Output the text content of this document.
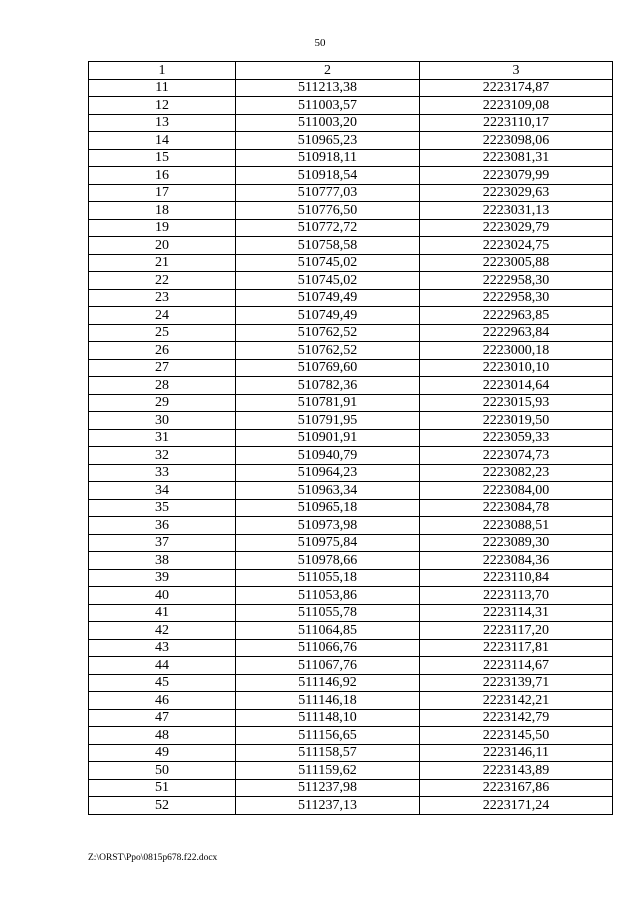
50
1	2	3
11	511213,38	2223174,87
12	511003,57	2223109,08
13	511003,20	2223110,17
14	510965,23	2223098,06
15	510918,11	2223081,31
16	510918,54	2223079,99
17	510777,03	2223029,63
18	510776,50	2223031,13
19	510772,72	2223029,79
20	510758,58	2223024,75
21	510745,02	2223005,88
22	510745,02	2222958,30
23	510749,49	2222958,30
24	510749,49	2222963,85
25	510762,52	2222963,84
26	510762,52	2223000,18
27	510769,60	2223010,10
28	510782,36	2223014,64
29	510781,91	2223015,93
30	510791,95	2223019,50
31	510901,91	2223059,33
32	510940,79	2223074,73
33	510964,23	2223082,23
34	510963,34	2223084,00
35	510965,18	2223084,78
36	510973,98	2223088,51
37	510975,84	2223089,30
38	510978,66	2223084,36
39	511055,18	2223110,84
40	511053,86	2223113,70
41	511055,78	2223114,31
42	511064,85	2223117,20
43	511066,76	2223117,81
44	511067,76	2223114,67
45	511146,92	2223139,71
46	511146,18	2223142,21
47	511148,10	2223142,79
48	511156,65	2223145,50
49	511158,57	2223146,11
50	511159,62	2223143,89
51	511237,98	2223167,86
52	511237,13	2223171,24
Z:\ORST\Ppo\0815p678.f22.docx
